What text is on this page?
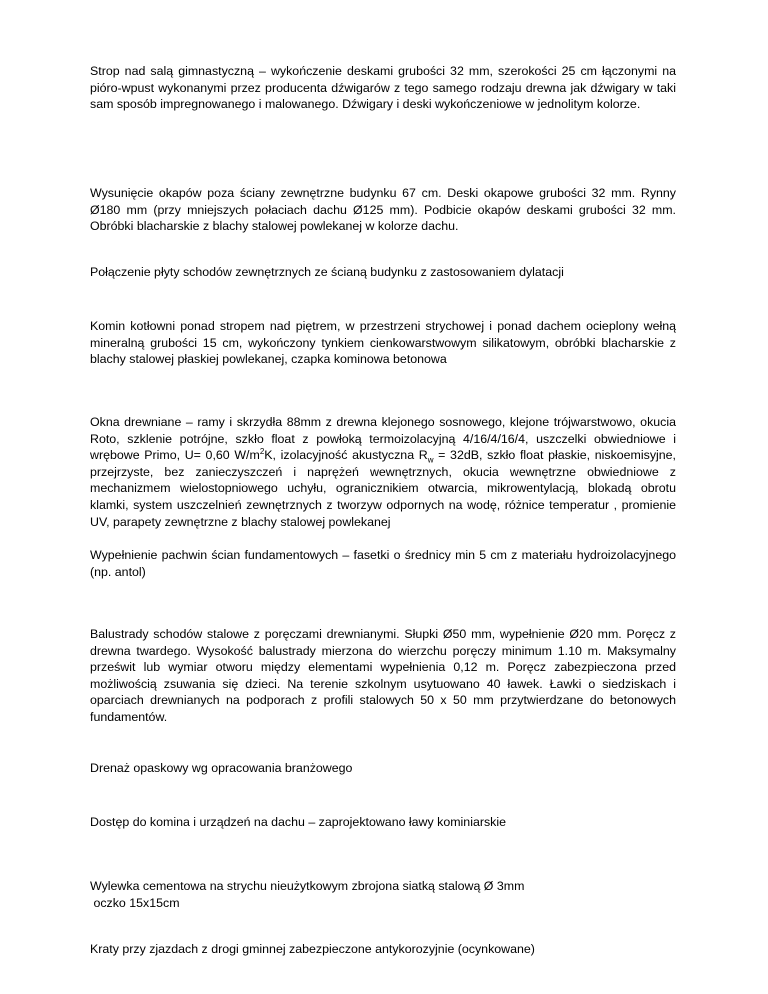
Strop nad salą gimnastyczną – wykończenie deskami grubości 32 mm, szerokości 25 cm łączonymi na pióro-wpust wykonanymi przez producenta dźwigarów z tego samego rodzaju drewna jak dźwigary w taki sam sposób impregnowanego i malowanego. Dźwigary i deski wykończeniowe w jednolitym kolorze.

Wysunięcie okapów poza ściany zewnętrzne budynku 67 cm. Deski okapowe grubości 32 mm. Rynny Ø180 mm (przy mniejszych połaciach dachu Ø125 mm). Podbicie okapów deskami grubości 32 mm. Obróbki blacharskie z blachy stalowej powlekanej w kolorze dachu.

Połączenie płyty schodów zewnętrznych ze ścianą budynku z zastosowaniem dylatacji

Komin kotłowni ponad stropem nad piętrem, w przestrzeni strychowej i ponad dachem ocieplony wełną mineralną grubości 15 cm, wykończony tynkiem cienkowarstwowym silikatowym, obróbki blacharskie z blachy stalowej płaskiej powlekanej, czapka kominowa betonowa

Okna drewniane – ramy i skrzydła 88mm z drewna klejonego sosnowego, klejone trójwarstwowo, okucia Roto, szklenie potrójne, szkło float z powłoką termoizolacyjną 4/16/4/16/4, uszczelki obwiedniowe i wrębowe Primo, U= 0,60 $W/m^2K$, izolacyjność akustyczna $R_w = 32dB$, szkło float płaskie, niskoemisyjne, przejrzyste, bez zanieczyszczeń i naprężeń wewnętrznych, okucia wewnętrzne obwiedniowe z mechanizmem wielostopniowego uchyłu, ogranicznikiem otwarcia, mikrowentylacją, blokadą obrotu klamki, system uszczelnień zewnętrznych z tworzyw odpornych na wodę, różnice temperatur , promienie UV, parapety zewnętrzne z blachy stalowej powlekanej

Wypełnienie pachwin ścian fundamentowych – fasetki o średnicy min 5 cm z materiału hydroizolacyjnego (np. antol)

Balustrady schodów stalowe z poręczami drewnianymi. Słupki Ø50 mm, wypełnienie Ø20 mm. Poręcz z drewna twardego. Wysokość balustrady mierzona do wierzchu poręczy minimum 1.10 m. Maksymalny prześwit lub wymiar otworu między elementami wypełnienia 0,12 m. Poręcz zabezpieczona przed możliwością zsuwania się dzieci. Na terenie szkolnym usytuowano 40 ławek. Ławki o siedziskach i oparciach drewnianych na podporach z profili stalowych 50 x 50 mm przytwierdzane do betonowych fundamentów.

Drenaż opaskowy wg opracowania branżowego

Dostęp do komina i urządzeń na dachu – zaprojektowano ławy kominiarskie

Wylewka cementowa na strychu nieużytkowym zbrojona siatką stalową Ø 3mm

oczko 15x15cm

Kraty przy zjazdach z drogi gminnej zabezpieczone antykorozyjnie (ocynkowane)
